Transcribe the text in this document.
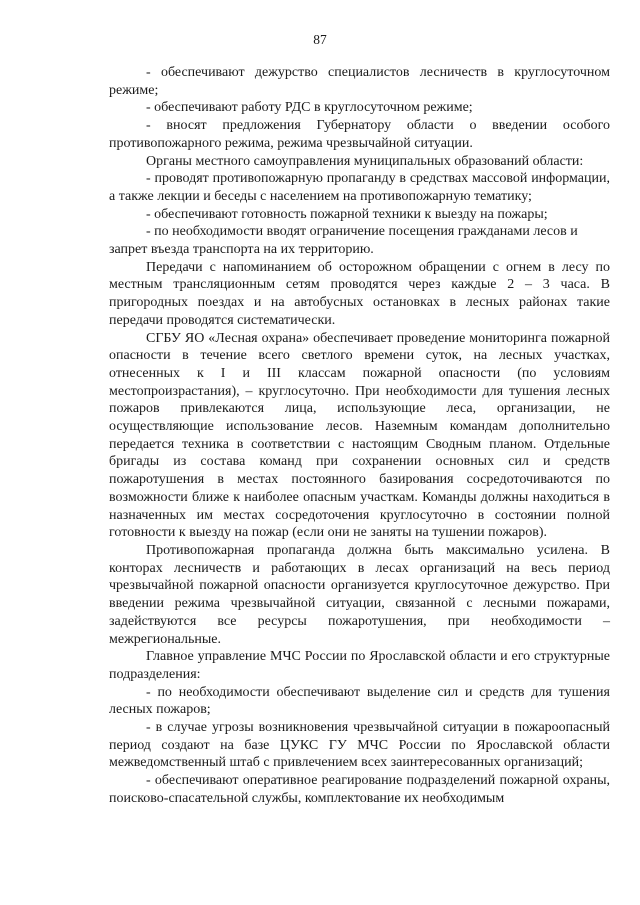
87

- обеспечивают дежурство специалистов лесничеств в круглосуточном режиме;

- обеспечивают работу РДС в круглосуточном режиме;

- вносят предложения Губернатору области о введении особого противопожарного режима, режима чрезвычайной ситуации.

Органы местного самоуправления муниципальных образований области:

- проводят противопожарную пропаганду в средствах массовой информации, а также лекции и беседы с населением на противопожарную тематику;

- обеспечивают готовность пожарной техники к выезду на пожары;

- по необходимости вводят ограничение посещения гражданами лесов и

запрет въезда транспорта на их территорию.

Передачи с напоминанием об осторожном обращении с огнем в лесу по местным трансляционным сетям проводятся через каждые 2 – 3 часа. В пригородных поездах и на автобусных остановках в лесных районах такие передачи проводятся систематически.

СГБУ ЯО «Лесная охрана» обеспечивает проведение мониторинга пожарной опасности в течение всего светлого времени суток, на лесных участках, отнесенных к I и III классам пожарной опасности (по условиям местопроизрастания), – круглосуточно. При необходимости для тушения лесных пожаров привлекаются лица, использующие леса, организации, не осуществляющие использование лесов. Наземным командам дополнительно передается техника в соответствии с настоящим Сводным планом. Отдельные бригады из состава команд при сохранении основных сил и средств пожаротушения в местах постоянного базирования сосредоточиваются по возможности ближе к наиболее опасным участкам. Команды должны находиться в назначенных им местах сосредоточения круглосуточно в состоянии полной готовности к выезду на пожар (если они не заняты на тушении пожаров).

Противопожарная пропаганда должна быть максимально усилена. В конторах лесничеств и работающих в лесах организаций на весь период чрезвычайной пожарной опасности организуется круглосуточное дежурство. При введении режима чрезвычайной ситуации, связанной с лесными пожарами, задействуются все ресурсы пожаротушения, при необходимости – межрегиональные.

Главное управление МЧС России по Ярославской области и его структурные подразделения:

- по необходимости обеспечивают выделение сил и средств для тушения лесных пожаров;

- в случае угрозы возникновения чрезвычайной ситуации в пожароопасный период создают на базе ЦУКС ГУ МЧС России по Ярославской области межведомственный штаб с привлечением всех заинтересованных организаций;

- обеспечивают оперативное реагирование подразделений пожарной охраны, поисково-спасательной службы, комплектование их необходимым
